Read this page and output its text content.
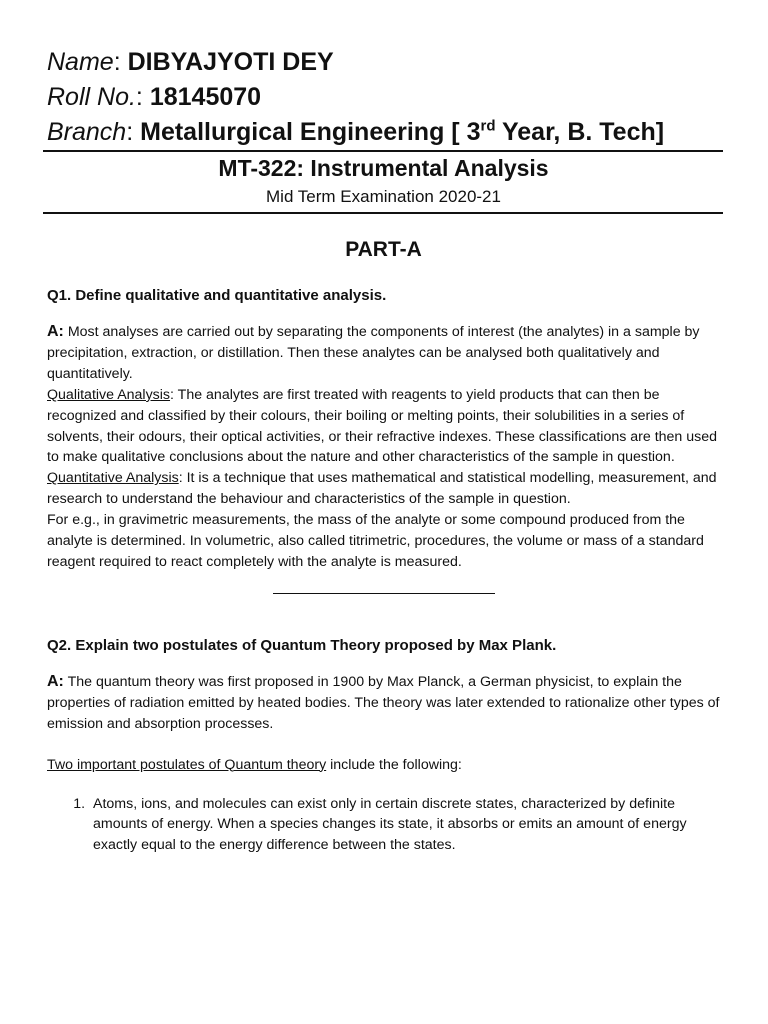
Name: DIBYAJYOTI DEY
Roll No.: 18145070
Branch: Metallurgical Engineering [ 3rd Year, B. Tech]
MT-322: Instrumental Analysis
Mid Term Examination 2020-21
PART-A
Q1. Define qualitative and quantitative analysis.

A: Most analyses are carried out by separating the components of interest (the analytes) in a sample by precipitation, extraction, or distillation. Then these analytes can be analysed both qualitatively and quantitatively.

Qualitative Analysis: The analytes are first treated with reagents to yield products that can then be recognized and classified by their colours, their boiling or melting points, their solubilities in a series of solvents, their odours, their optical activities, or their refractive indexes. These classifications are then used to make qualitative conclusions about the nature and other characteristics of the sample in question.

Quantitative Analysis: It is a technique that uses mathematical and statistical modelling, measurement, and research to understand the behaviour and characteristics of the sample in question.

For e.g., in gravimetric measurements, the mass of the analyte or some compound produced from the analyte is determined. In volumetric, also called titrimetric, procedures, the volume or mass of a standard reagent required to react completely with the analyte is measured.

Q2. Explain two postulates of Quantum Theory proposed by Max Plank.

A: The quantum theory was first proposed in 1900 by Max Planck, a German physicist, to explain the properties of radiation emitted by heated bodies. The theory was later extended to rationalize other types of emission and absorption processes.

Two important postulates of Quantum theory include the following:

1. Atoms, ions, and molecules can exist only in certain discrete states, characterized by definite amounts of energy. When a species changes its state, it absorbs or emits an amount of energy exactly equal to the energy difference between the states.
